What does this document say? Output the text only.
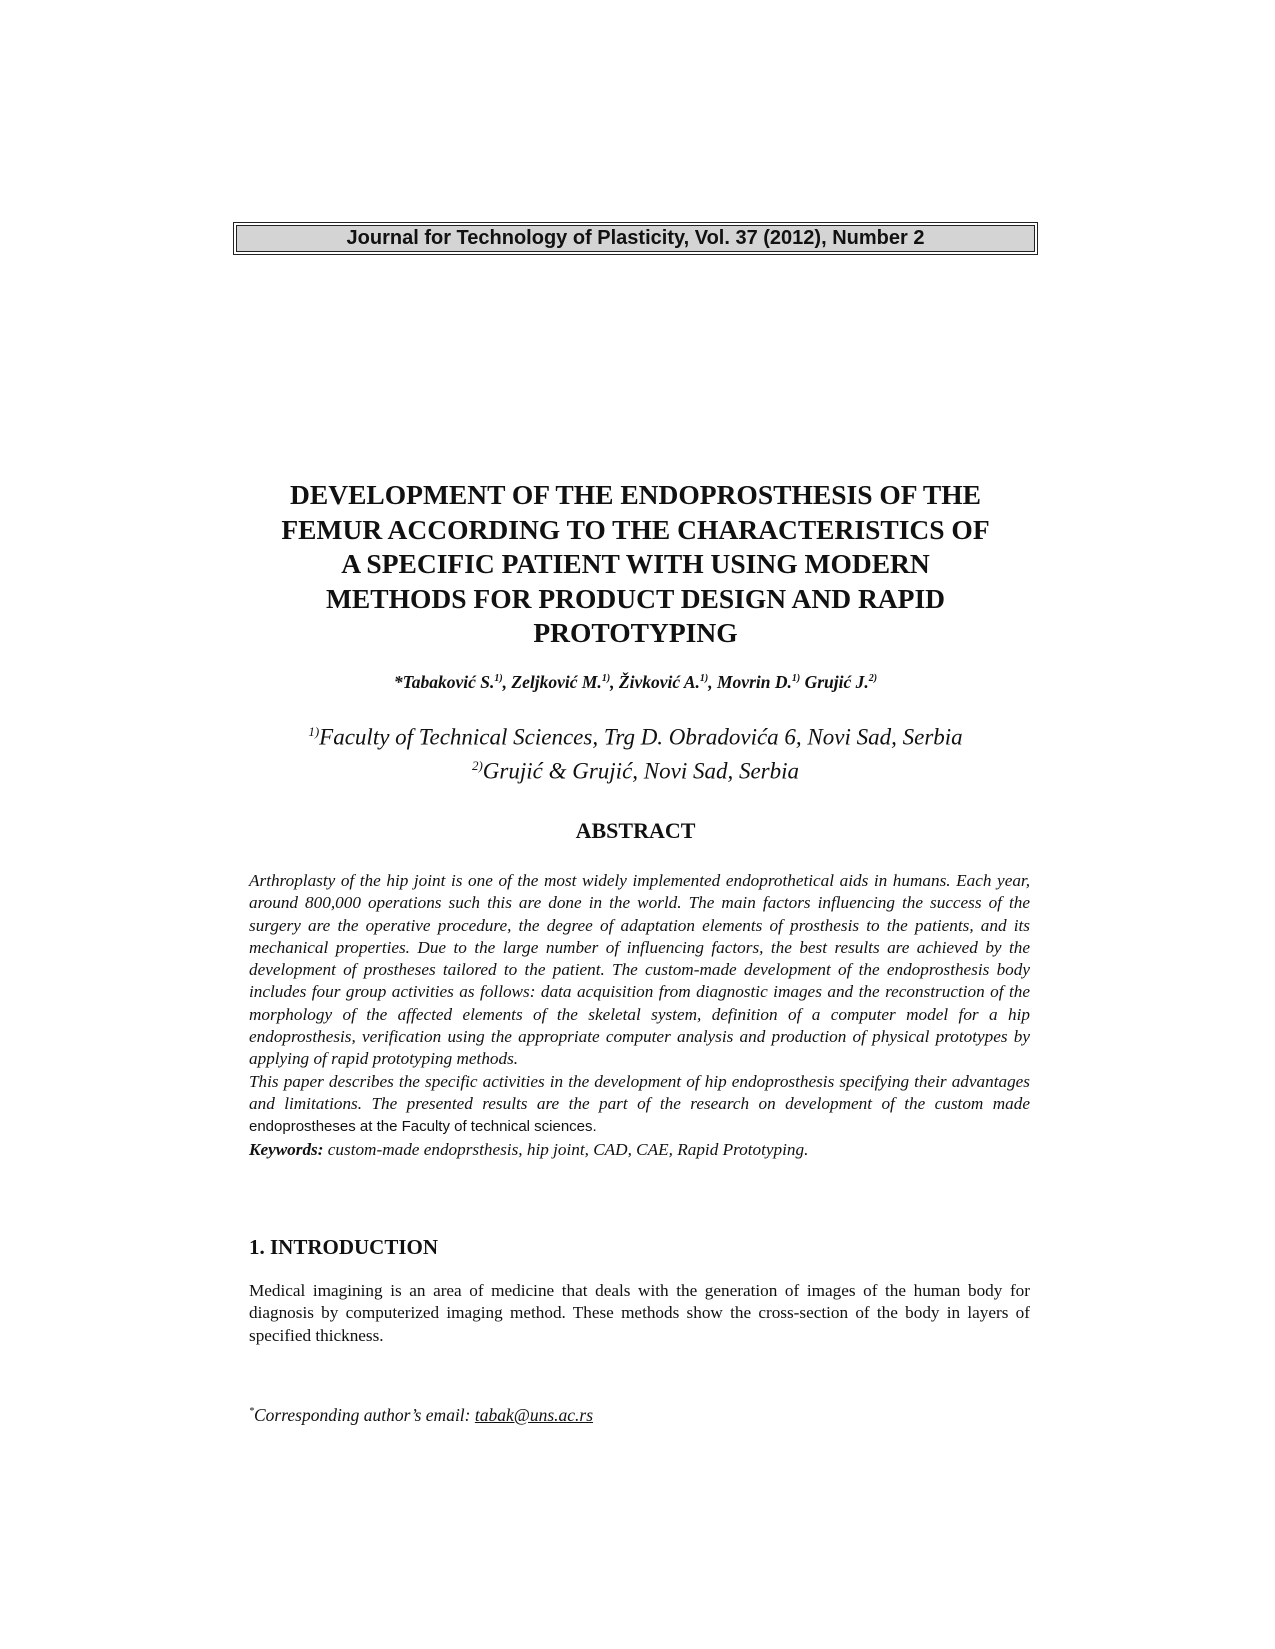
Journal for Technology of Plasticity, Vol. 37 (2012), Number 2
DEVELOPMENT OF THE ENDOPROSTHESIS OF THE
FEMUR ACCORDING TO THE CHARACTERISTICS OF
A SPECIFIC PATIENT WITH USING MODERN
METHODS FOR PRODUCT DESIGN AND RAPID
PROTOTYPING
*Tabaković S.$^{1)}$, Zeljković M.$^{1)}$, Živković A.$^{1)}$, Movrin D.$^{1)}$ Grujić J.$^{2)}$
$^{1)}$Faculty of Technical Sciences, Trg D. Obradovića 6, Novi Sad, Serbia
$^{2)}$Grujić & Grujić, Novi Sad, Serbia
ABSTRACT

Arthroplasty of the hip joint is one of the most widely implemented endoprothetical aids in humans. Each year, around 800,000 operations such this are done in the world. The main factors influencing the success of the surgery are the operative procedure, the degree of adaptation elements of prosthesis to the patients, and its mechanical properties. Due to the large number of influencing factors, the best results are achieved by the development of prostheses tailored to the patient. The custom-made development of the endoprosthesis body includes four group activities as follows: data acquisition from diagnostic images and the reconstruction of the morphology of the affected elements of the skeletal system, definition of a computer model for a hip endoprosthesis, verification using the appropriate computer analysis and production of physical prototypes by applying of rapid prototyping methods.

This paper describes the specific activities in the development of hip endoprosthesis specifying their advantages and limitations. The presented results are the part of the research on development of the custom made endoprostheses at the Faculty of technical sciences.

Keywords: custom-made endoprsthesis, hip joint, CAD, CAE, Rapid Prototyping.

1. INTRODUCTION

Medical imagining is an area of medicine that deals with the generation of images of the human body for diagnosis by computerized imaging method. These methods show the cross-section of the body in layers of specified thickness.

*Corresponding author’s email: tabak@uns.ac.rs
